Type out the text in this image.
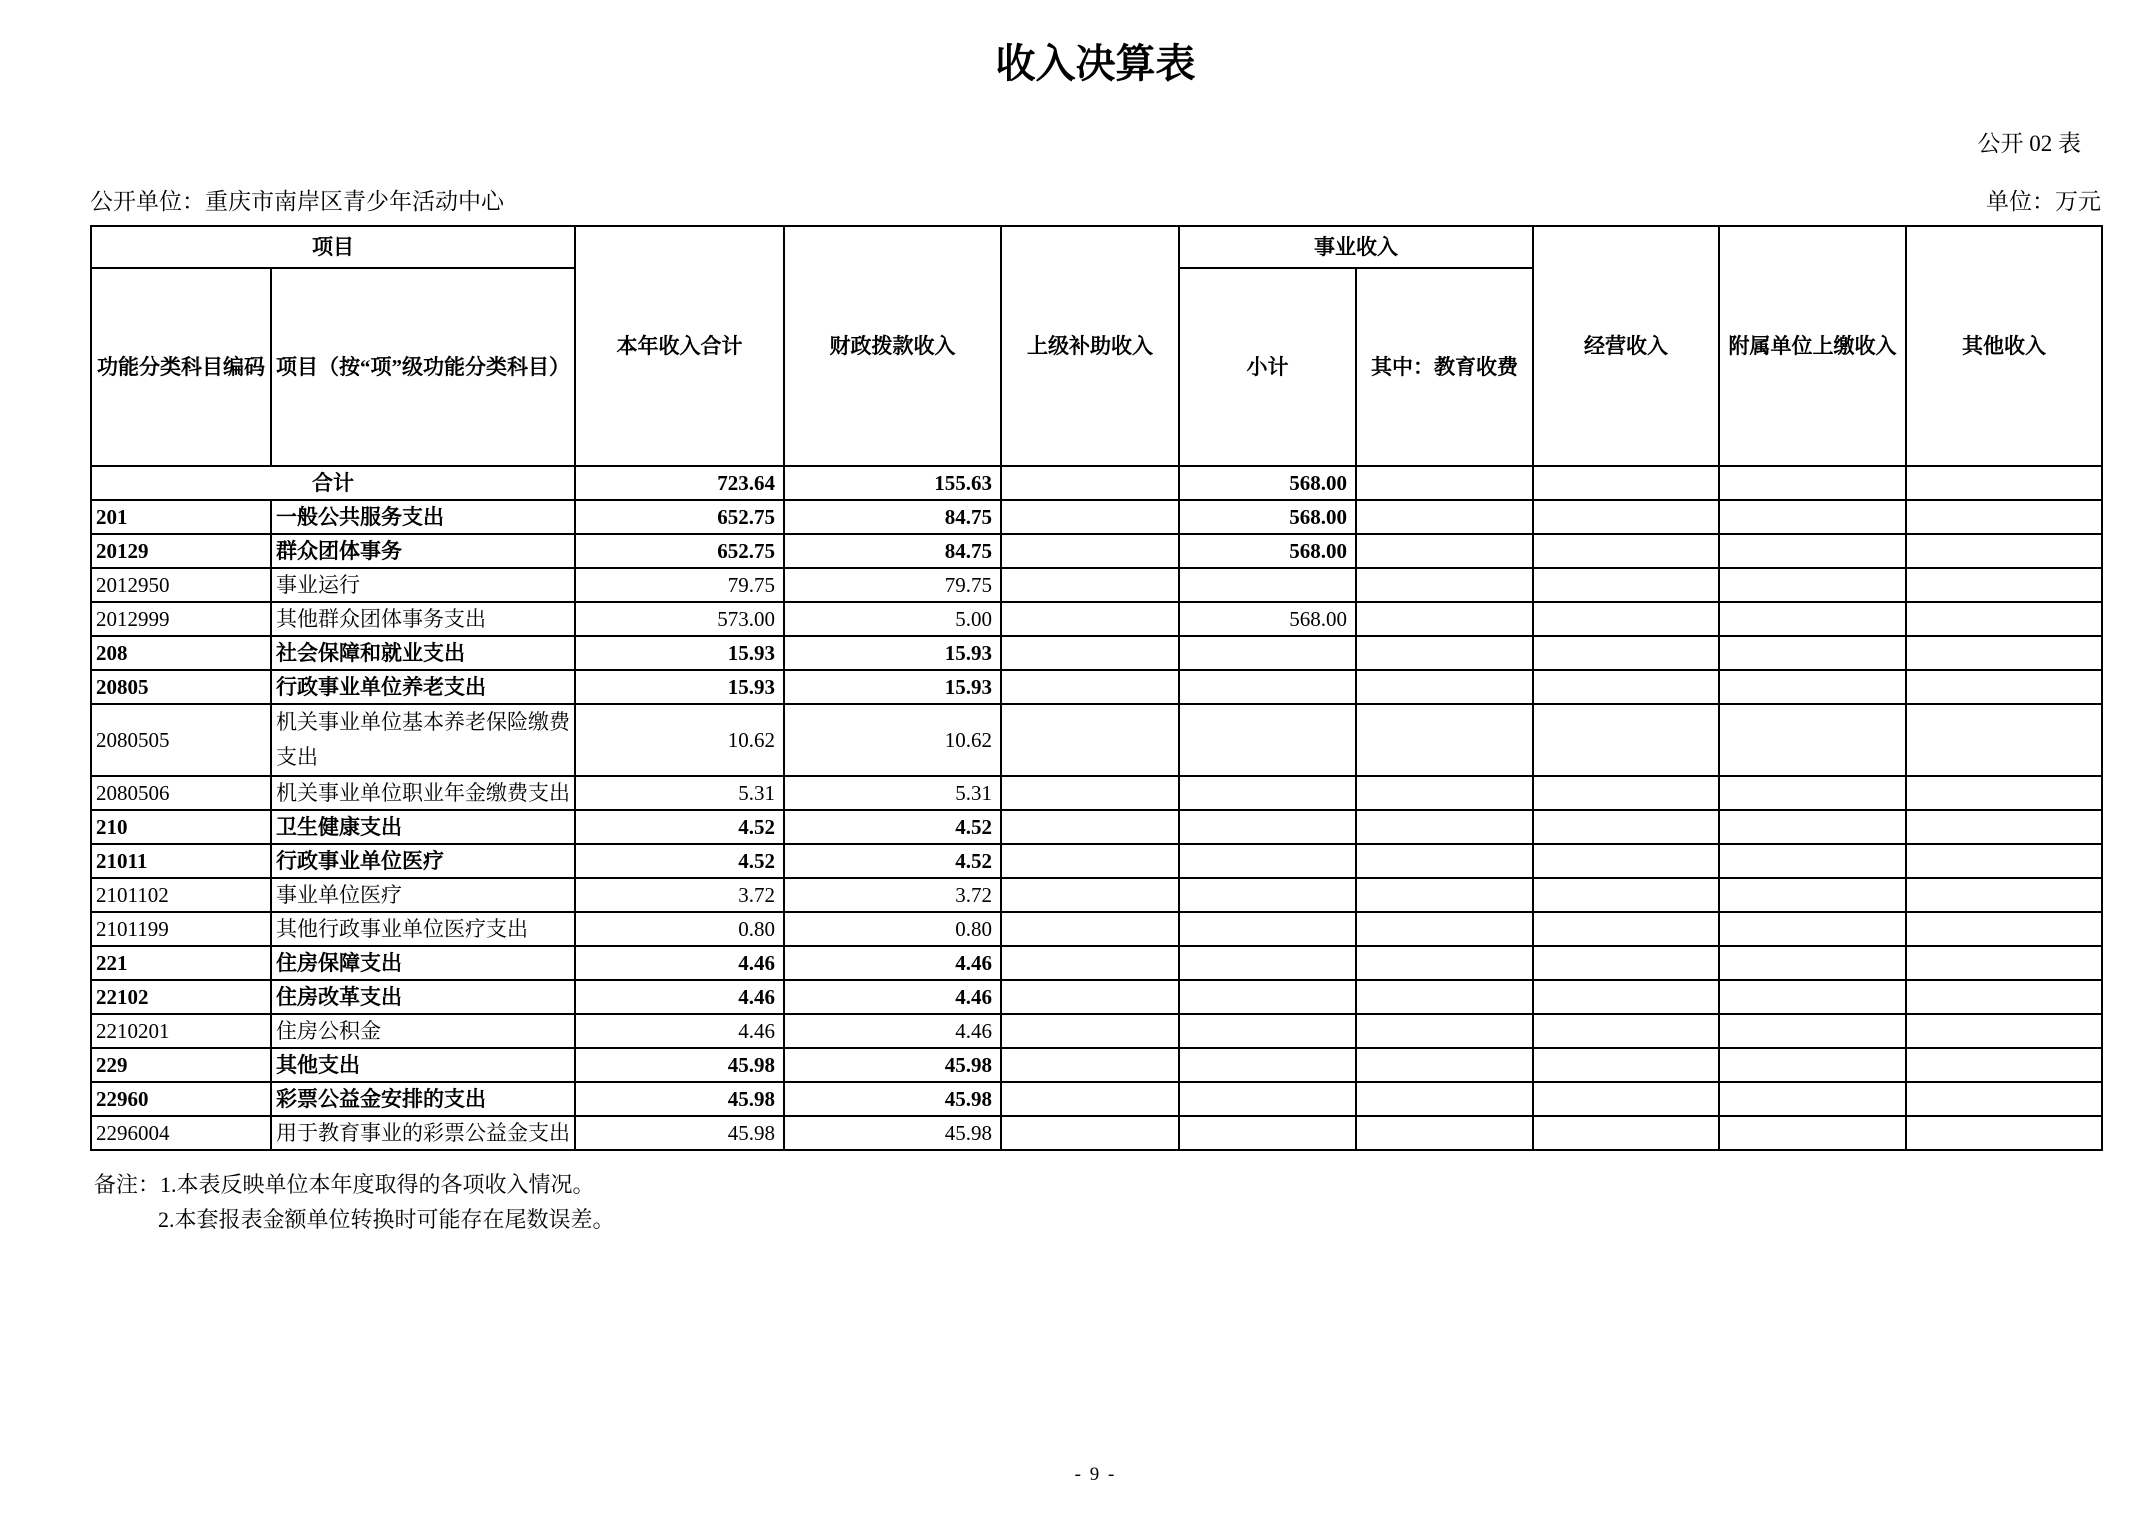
收入决算表
公开 02 表
公开单位：重庆市南岸区青少年活动中心	单位：万元
项目		本年收入合计	财政拨款收入	上级补助收入	事业收入		经营收入	附属单位上缴收入	其他收入
功能分类科目编码	项目（按“项”级功能分类科目）				小计	其中：教育收费			
合计		723.64	155.63		568.00				
201	一般公共服务支出	652.75	84.75		568.00				
20129	群众团体事务	652.75	84.75		568.00				
2012950	事业运行	79.75	79.75						
2012999	其他群众团体事务支出	573.00	5.00		568.00				
208	社会保障和就业支出	15.93	15.93						
20805	行政事业单位养老支出	15.93	15.93						
2080505	机关事业单位基本养老保险缴费支出	10.62	10.62						
2080506	机关事业单位职业年金缴费支出	5.31	5.31						
210	卫生健康支出	4.52	4.52						
21011	行政事业单位医疗	4.52	4.52						
2101102	事业单位医疗	3.72	3.72						
2101199	其他行政事业单位医疗支出	0.80	0.80						
221	住房保障支出	4.46	4.46						
22102	住房改革支出	4.46	4.46						
2210201	住房公积金	4.46	4.46						
229	其他支出	45.98	45.98						
22960	彩票公益金安排的支出	45.98	45.98						
2296004	用于教育事业的彩票公益金支出	45.98	45.98						
备注：1.本表反映单位本年度取得的各项收入情况。
2.本套报表金额单位转换时可能存在尾数误差。
- 9 -
